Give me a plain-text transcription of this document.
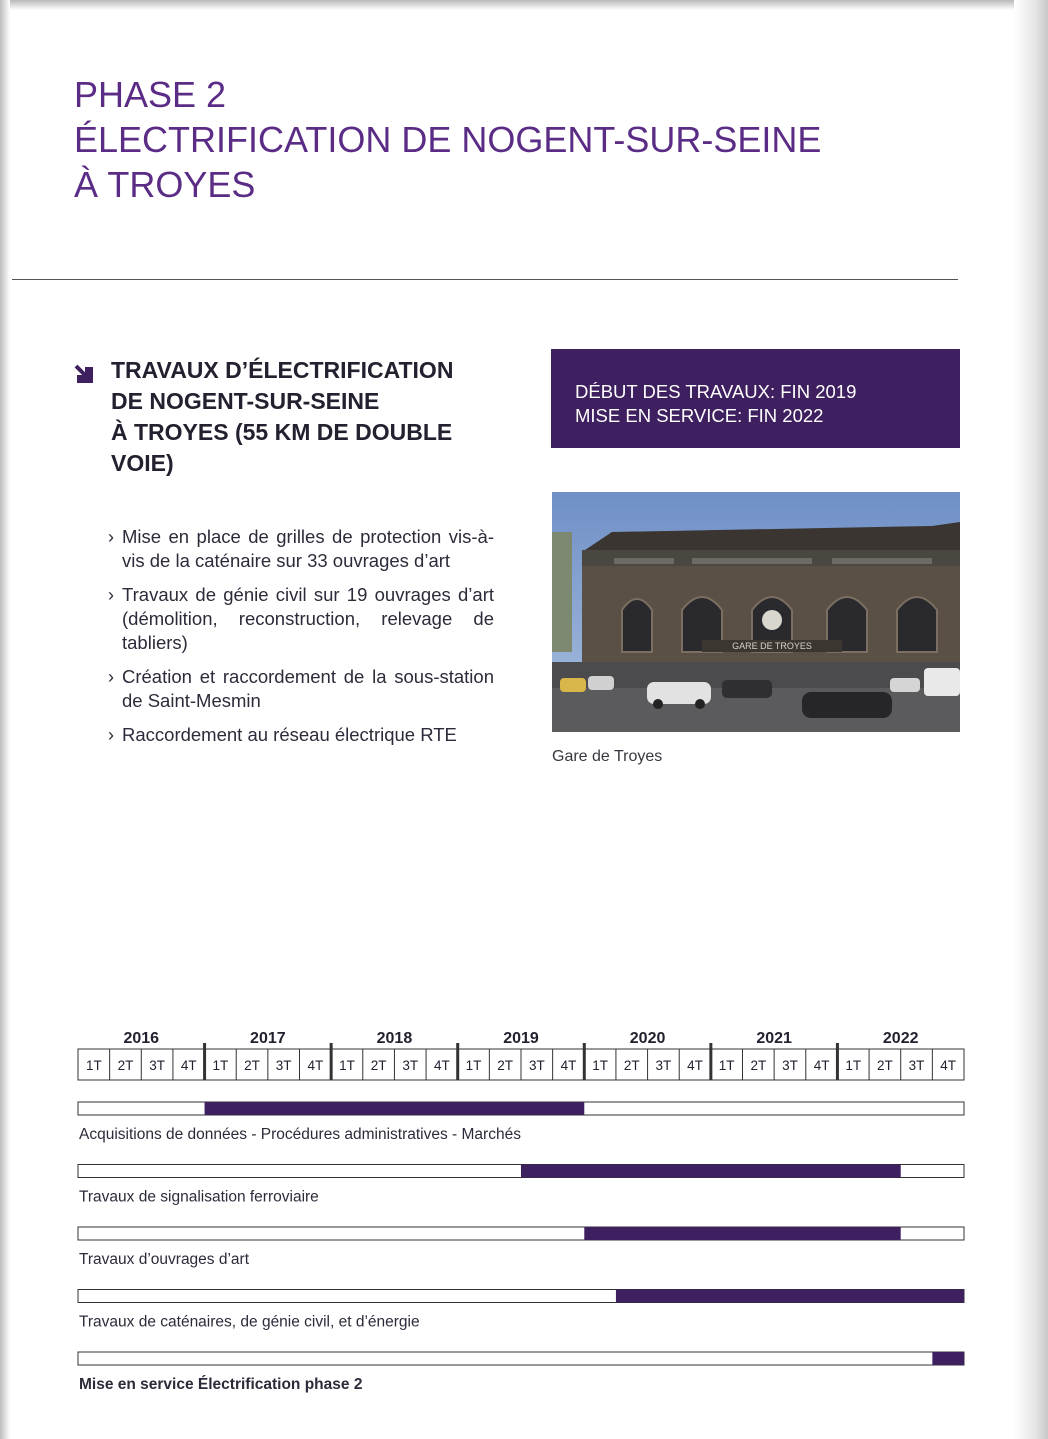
PHASE 2
ÉLECTRIFICATION DE NOGENT-SUR-SEINE
À TROYES
TRAVAUX D’ÉLECTRIFICATION
DE NOGENT-SUR-SEINE
À TROYES (55 KM DE DOUBLE
VOIE)
› Mise en place de grilles de protection vis-à-vis de la caténaire sur 33 ouvrages d’art
› Travaux de génie civil sur 19 ouvrages d’art (démolition, reconstruction, relevage de tabliers)
› Création et raccordement de la sous-station de Saint-Mesmin
› Raccordement au réseau électrique RTE
DÉBUT DES TRAVAUX: FIN 2019
MISE EN SERVICE: FIN 2022
GARE DE TROYES
Gare de Troyes
2016	2017	2018	2019	2020	2021	2022
1T 2T 3T 4T 1T 2T 3T 4T 1T 2T 3T 4T 1T 2T 3T 4T 1T 2T 3T 4T 1T 2T 3T 4T 1T 2T 3T 4T
Acquisitions de données - Procédures administratives - Marchés
Travaux de signalisation ferroviaire
Travaux d’ouvrages d’art
Travaux de caténaires, de génie civil, et d’énergie
Mise en service Électrification phase 2
